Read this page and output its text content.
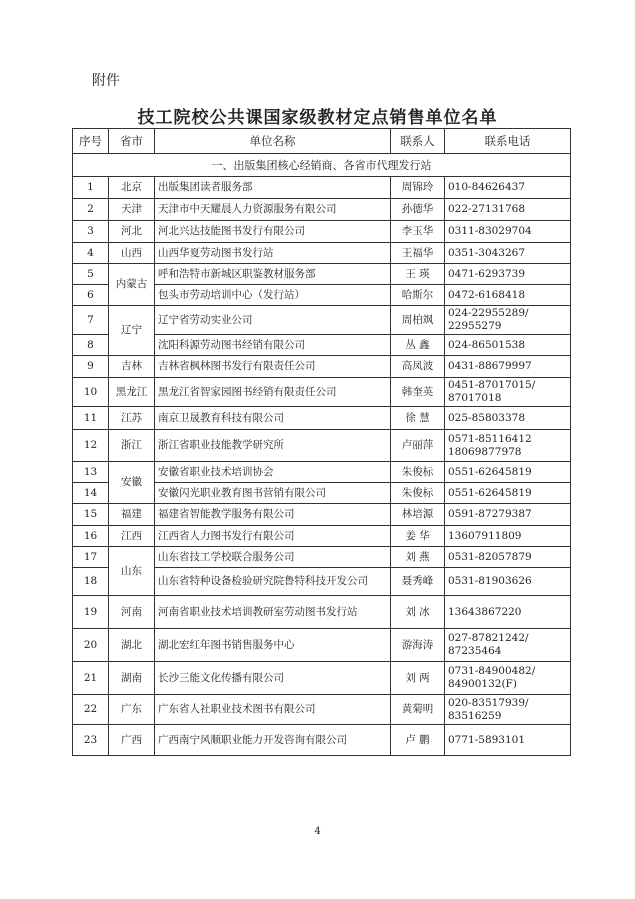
附件
技工院校公共课国家级教材定点销售单位名单
序号	省市	单位名称	联系人	联系电话
一、出版集团核心经销商、各省市代理发行站				
1	北京	出版集团读者服务部	周锦玲	010-84626437
2	天津	天津市中天耀晨人力资源服务有限公司	孙德华	022-27131768
3	河北	河北兴达技能图书发行有限公司	李玉华	0311-83029704
4	山西	山西华夏劳动图书发行站	王福华	0351-3043267
5	内蒙古	呼和浩特市新城区职鉴教材服务部	王 瑛	0471-6293739
6		包头市劳动培训中心（发行站）	哈斯尔	0472-6168418
7	辽宁	辽宁省劳动实业公司	周柏飒	024-22955289/ 22955279
8		沈阳科源劳动图书经销有限公司	丛 鑫	024-86501538
9	吉林	吉林省枫林图书发行有限责任公司	高凤波	0431-88679997
10	黑龙江	黑龙江省智家园图书经销有限责任公司	韩奎英	0451-87017015/ 87017018
11	江苏	南京卫晟教育科技有限公司	徐 慧	025-85803378
12	浙江	浙江省职业技能教学研究所	卢丽萍	0571-85116412 18069877978
13	安徽	安徽省职业技术培训协会	朱俊标	0551-62645819
14		安徽闪光职业教育图书营销有限公司	朱俊标	0551-62645819
15	福建	福建省智能教学服务有限公司	林培源	0591-87279387
16	江西	江西省人力图书发行有限公司	姜 华	13607911809
17	山东	山东省技工学校联合服务公司	刘 燕	0531-82057879
18		山东省特种设备检验研究院鲁特科技开发公司	聂秀峰	0531-81903626
19	河南	河南省职业技术培训教研室劳动图书发行站	刘 冰	13643867220
20	湖北	湖北宏红年图书销售服务中心	游海涛	027-87821242/ 87235464
21	湖南	长沙三能文化传播有限公司	刘 两	0731-84900482/ 84900132(F)
22	广东	广东省人社职业技术图书有限公司	黄菊明	020-83517939/ 83516259
23	广西	广西南宁风顺职业能力开发咨询有限公司	卢 鹏	0771-5893101
4
